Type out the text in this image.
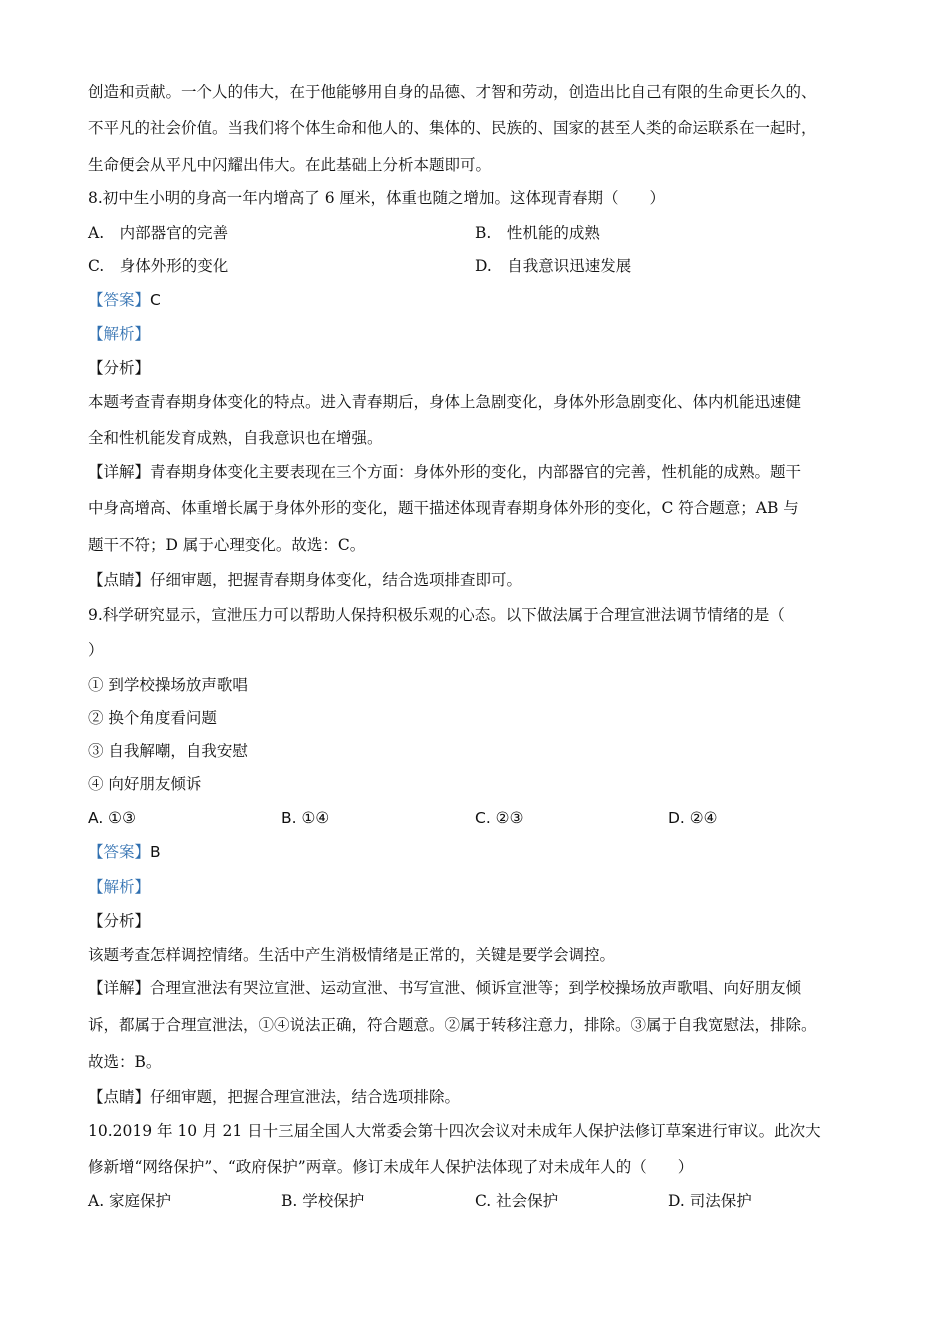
创造和贡献。一个人的伟大，在于他能够用自身的品德、才智和劳动，创造出比自己有限的生命更长久的、
不平凡的社会价值。当我们将个体生命和他人的、集体的、民族的、国家的甚至人类的命运联系在一起时，
生命便会从平凡中闪耀出伟大。在此基础上分析本题即可。
8.初中生小明的身高一年内增高了 6 厘米，体重也随之增加。这体现青春期（　　）
A.　内部器官的完善	B.　性机能的成熟
C.　身体外形的变化	D.　自我意识迅速发展
【答案】C
【解析】
【分析】
本题考查青春期身体变化的特点。进入青春期后，身体上急剧变化，身体外形急剧变化、体内机能迅速健
全和性机能发育成熟，自我意识也在增强。
【详解】青春期身体变化主要表现在三个方面：身体外形的变化，内部器官的完善，性机能的成熟。题干
中身高增高、体重增长属于身体外形的变化，题干描述体现青春期身体外形的变化，C 符合题意；AB 与
题干不符；D 属于心理变化。故选：C。
【点睛】仔细审题，把握青春期身体变化，结合选项排查即可。
9.科学研究显示，宣泄压力可以帮助人保持积极乐观的心态。以下做法属于合理宣泄法调节情绪的是（
）
① 到学校操场放声歌唱
② 换个角度看问题
③ 自我解嘲，自我安慰
④ 向好朋友倾诉
A. ①③	B. ①④	C. ②③	D. ②④
【答案】B
【解析】
【分析】
该题考查怎样调控情绪。生活中产生消极情绪是正常的，关键是要学会调控。
【详解】合理宣泄法有哭泣宣泄、运动宣泄、书写宣泄、倾诉宣泄等；到学校操场放声歌唱、向好朋友倾
诉，都属于合理宣泄法，①④说法正确，符合题意。②属于转移注意力，排除。③属于自我宽慰法，排除。
故选：B。
【点睛】仔细审题，把握合理宣泄法，结合选项排除。
10.2019 年 10 月 21 日十三届全国人大常委会第十四次会议对未成年人保护法修订草案进行审议。此次大
修新增“网络保护”、“政府保护”两章。修订未成年人保护法体现了对未成年人的（　　）
A. 家庭保护	B. 学校保护	C. 社会保护	D. 司法保护
